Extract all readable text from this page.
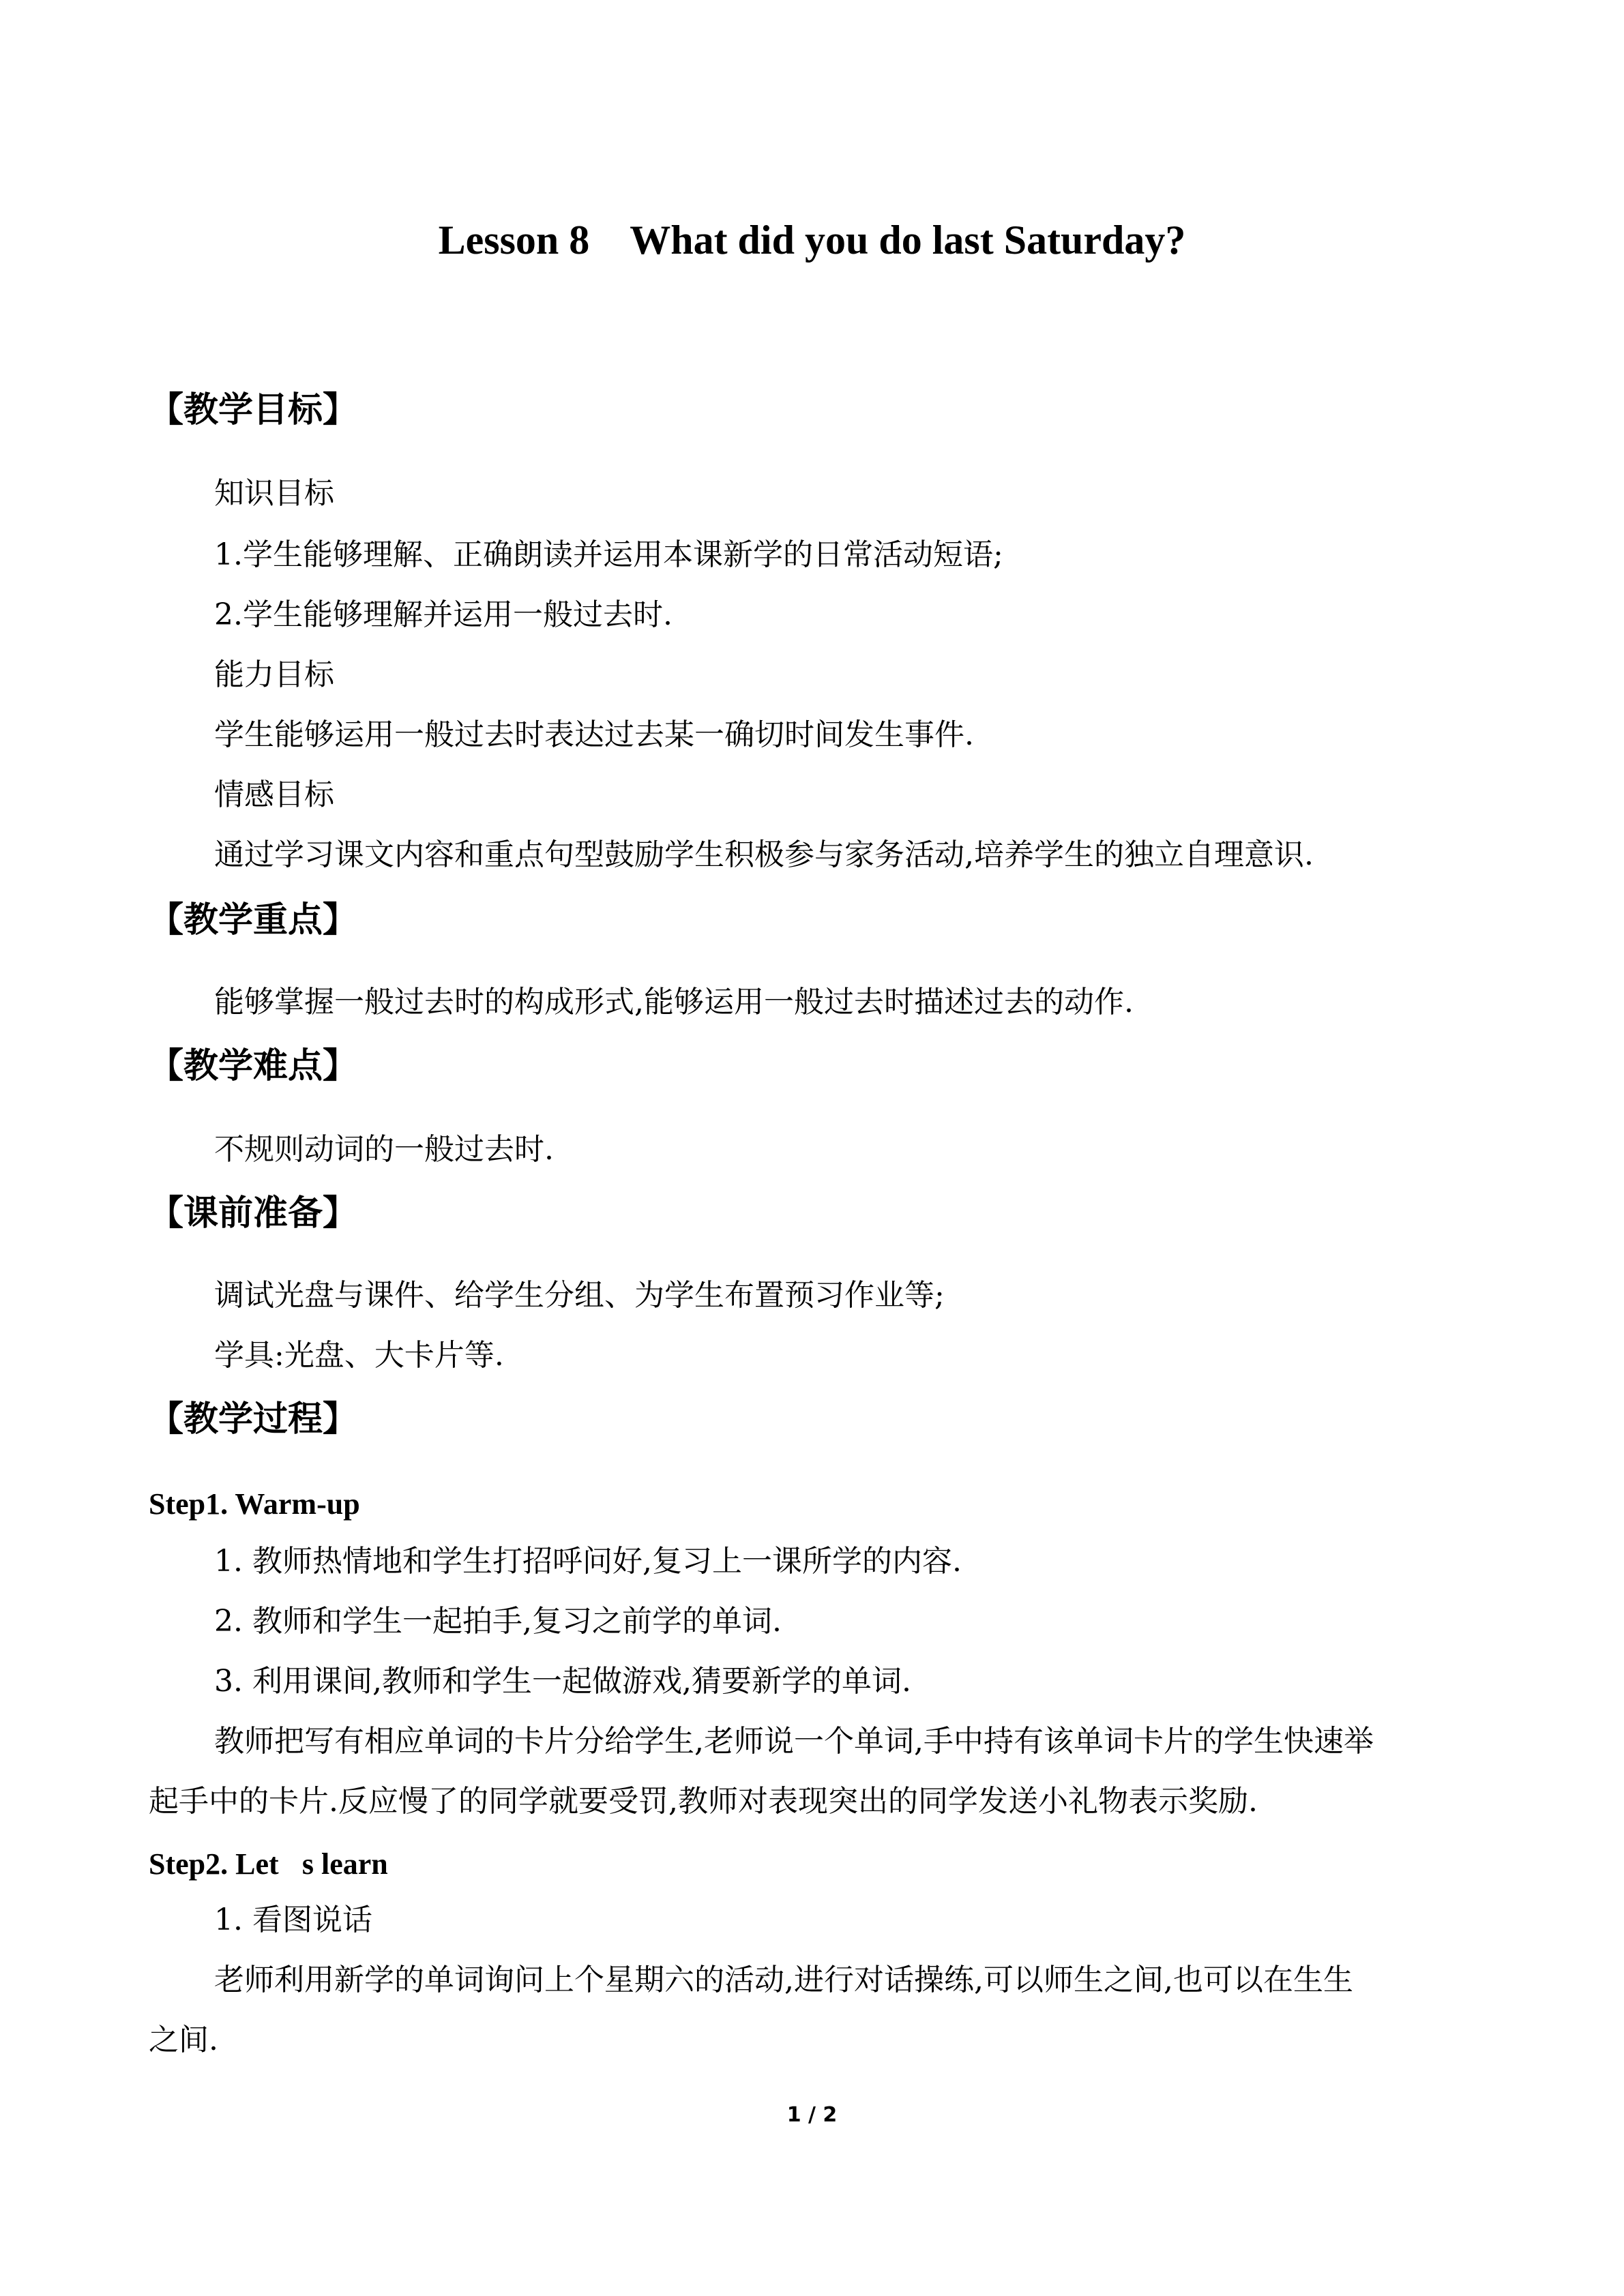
Lesson 8    What did you do last Saturday?
【教学目标】
知识目标
1.学生能够理解、正确朗读并运用本课新学的日常活动短语;
2.学生能够理解并运用一般过去时.
能力目标
学生能够运用一般过去时表达过去某一确切时间发生事件.
情感目标
通过学习课文内容和重点句型鼓励学生积极参与家务活动,培养学生的独立自理意识.
【教学重点】
能够掌握一般过去时的构成形式,能够运用一般过去时描述过去的动作.
【教学难点】
不规则动词的一般过去时.
【课前准备】
调试光盘与课件、给学生分组、为学生布置预习作业等;
学具:光盘、大卡片等.
【教学过程】
Step1. Warm-up
1. 教师热情地和学生打招呼问好,复习上一课所学的内容.
2. 教师和学生一起拍手,复习之前学的单词.
3. 利用课间,教师和学生一起做游戏,猜要新学的单词.
教师把写有相应单词的卡片分给学生,老师说一个单词,手中持有该单词卡片的学生快速举
起手中的卡片.反应慢了的同学就要受罚,教师对表现突出的同学发送小礼物表示奖励.
Step2. Let s learn
1. 看图说话
老师利用新学的单词询问上个星期六的活动,进行对话操练,可以师生之间,也可以在生生
之间.
1 / 2
